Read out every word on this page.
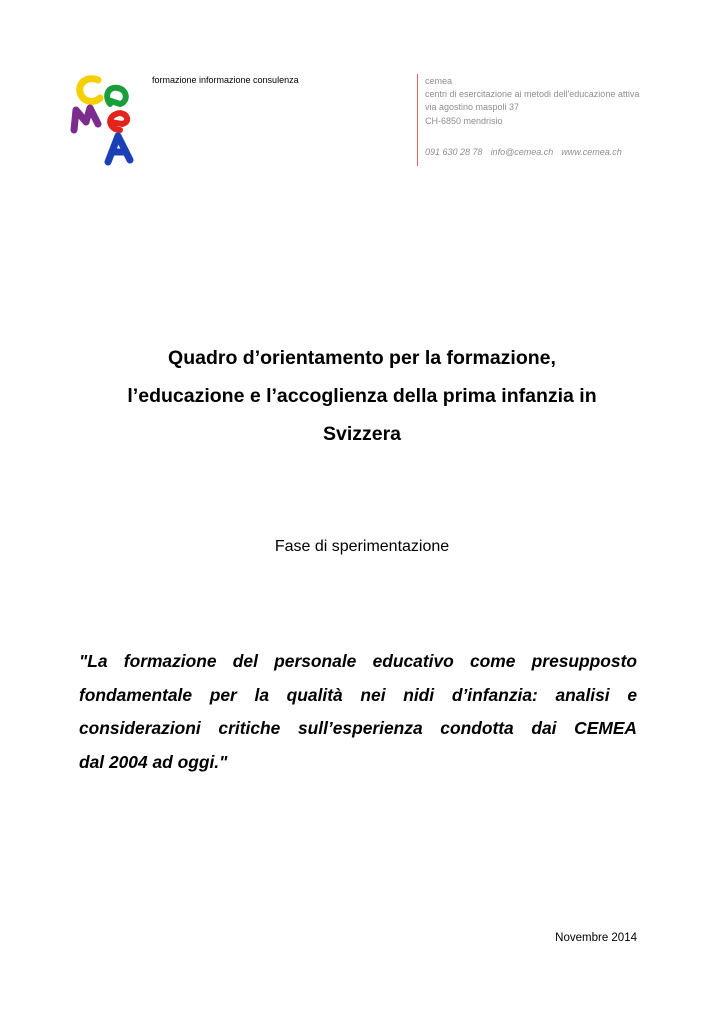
formazione informazione consulenza	cemea
centri di esercitazione ai metodi dell'educazione attiva
via agostino maspoli 37
CH-6850 mendrisio
091 630 28 78 info@cemea.ch www.cemea.ch
Quadro d’orientamento per la formazione,
l’educazione e l’accoglienza della prima infanzia in
Svizzera
Fase di sperimentazione
"La formazione del personale educativo come presupposto
fondamentale per la qualità nei nidi d’infanzia: analisi e
considerazioni critiche sull’esperienza condotta dai CEMEA
dal 2004 ad oggi."
Novembre 2014
